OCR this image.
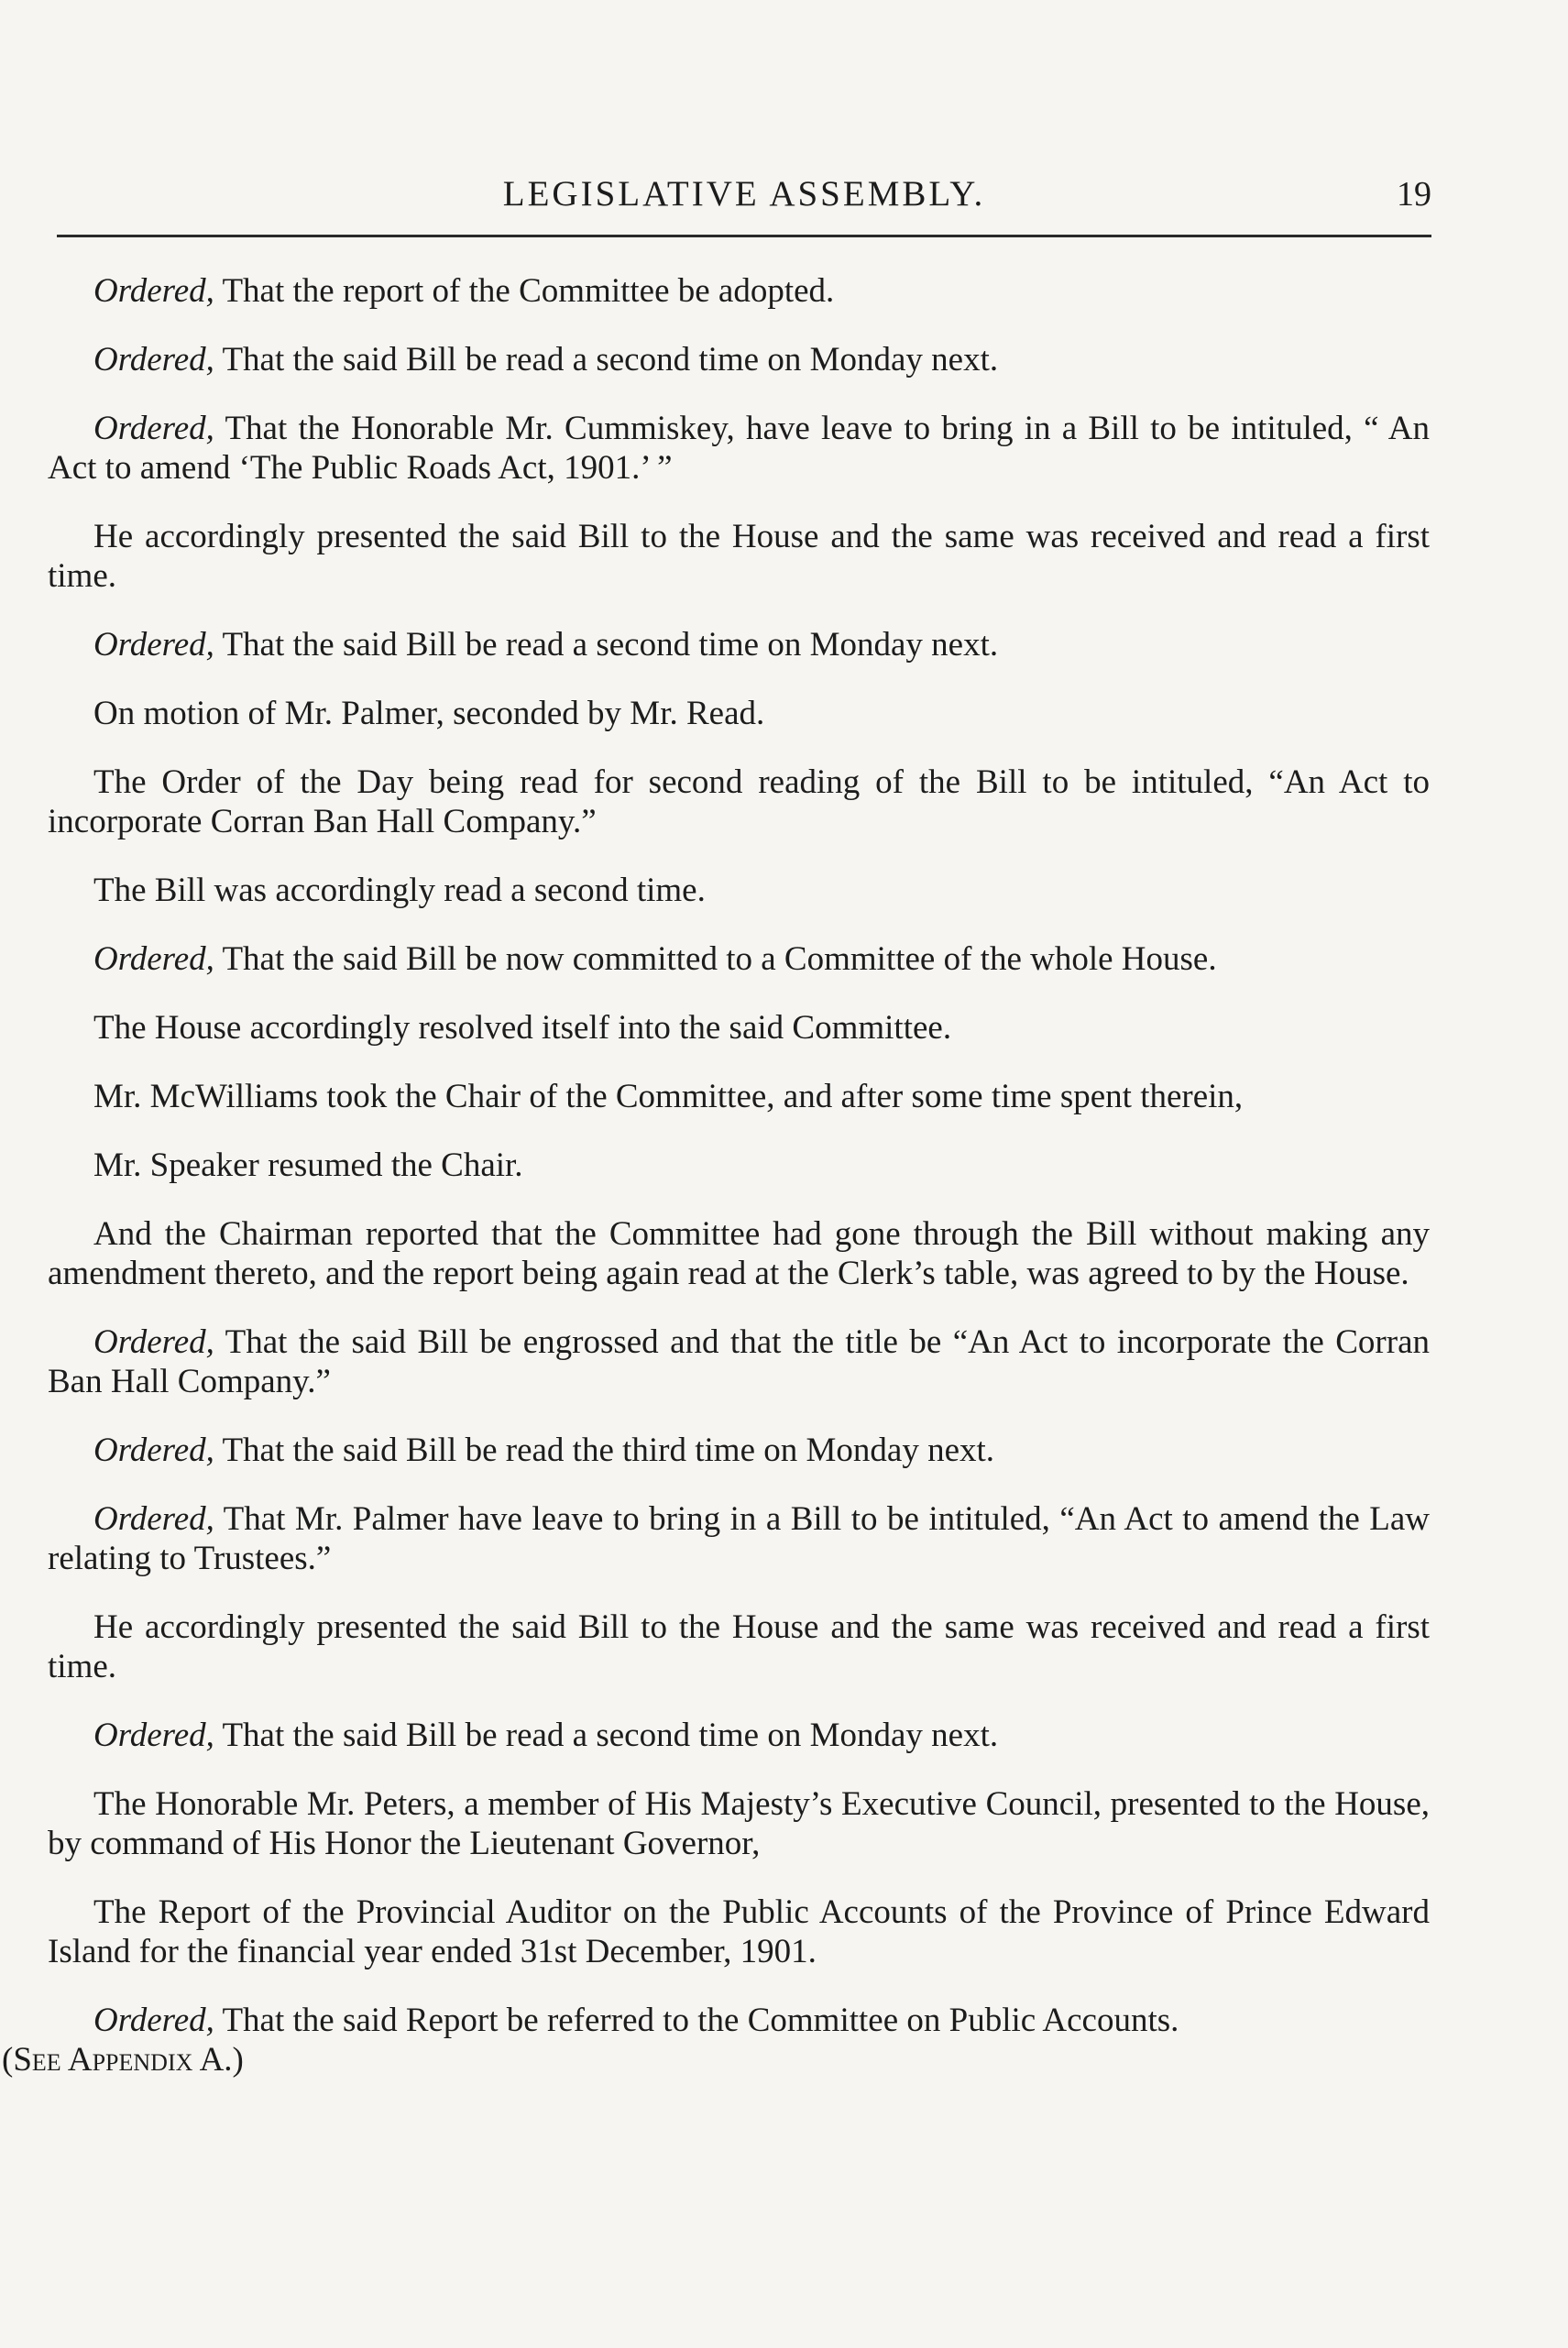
LEGISLATIVE ASSEMBLY.	19

Ordered, That the report of the Committee be adopted.

Ordered, That the said Bill be read a second time on Monday next.

Ordered, That the Honorable Mr. Cummiskey, have leave to bring in a Bill to be intituled, “ An Act to amend ‘The Public Roads Act, 1901.’ ”

He accordingly presented the said Bill to the House and the same was received and read a first time.

Ordered, That the said Bill be read a second time on Monday next.

On motion of Mr. Palmer, seconded by Mr. Read.

The Order of the Day being read for second reading of the Bill to be intituled, “An Act to incorporate Corran Ban Hall Company.”

The Bill was accordingly read a second time.

Ordered, That the said Bill be now committed to a Committee of the whole House.

The House accordingly resolved itself into the said Committee.

Mr. McWilliams took the Chair of the Committee, and after some time spent therein,

Mr. Speaker resumed the Chair.

And the Chairman reported that the Committee had gone through the Bill without making any amendment thereto, and the report being again read at the Clerk’s table, was agreed to by the House.

Ordered, That the said Bill be engrossed and that the title be “An Act to incorporate the Corran Ban Hall Company.”

Ordered, That the said Bill be read the third time on Monday next.

Ordered, That Mr. Palmer have leave to bring in a Bill to be intituled, “An Act to amend the Law relating to Trustees.”

He accordingly presented the said Bill to the House and the same was received and read a first time.

Ordered, That the said Bill be read a second time on Monday next.

The Honorable Mr. Peters, a member of His Majesty’s Executive Council, presented to the House, by command of His Honor the Lieutenant Governor,

The Report of the Provincial Auditor on the Public Accounts of the Province of Prince Edward Island for the financial year ended 31st December, 1901.

Ordered, That the said Report be referred to the Committee on Public Accounts.
(See Appendix A.)
